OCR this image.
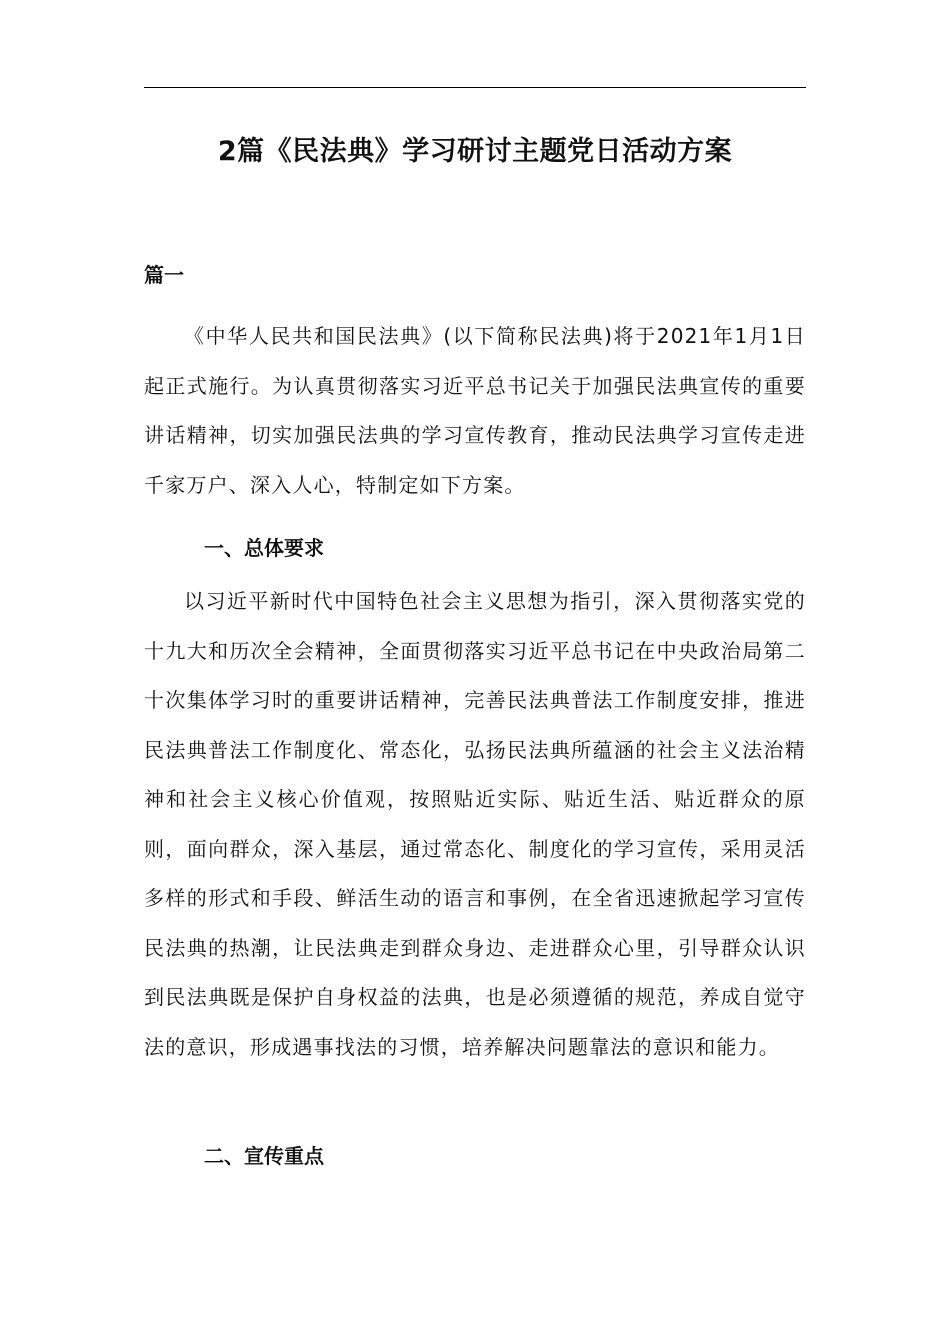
2篇《民法典》学习研讨主题党日活动方案

篇一

《中华人民共和国民法典》(以下简称民法典)将于2021年1月1日起正式施行。为认真贯彻落实习近平总书记关于加强民法典宣传的重要讲话精神，切实加强民法典的学习宣传教育，推动民法典学习宣传走进千家万户、深入人心，特制定如下方案。

一、总体要求

以习近平新时代中国特色社会主义思想为指引，深入贯彻落实党的十九大和历次全会精神，全面贯彻落实习近平总书记在中央政治局第二十次集体学习时的重要讲话精神，完善民法典普法工作制度安排，推进民法典普法工作制度化、常态化，弘扬民法典所蕴涵的社会主义法治精神和社会主义核心价值观，按照贴近实际、贴近生活、贴近群众的原则，面向群众，深入基层，通过常态化、制度化的学习宣传，采用灵活多样的形式和手段、鲜活生动的语言和事例，在全省迅速掀起学习宣传民法典的热潮，让民法典走到群众身边、走进群众心里，引导群众认识到民法典既是保护自身权益的法典，也是必须遵循的规范，养成自觉守法的意识，形成遇事找法的习惯，培养解决问题靠法的意识和能力。

二、宣传重点
